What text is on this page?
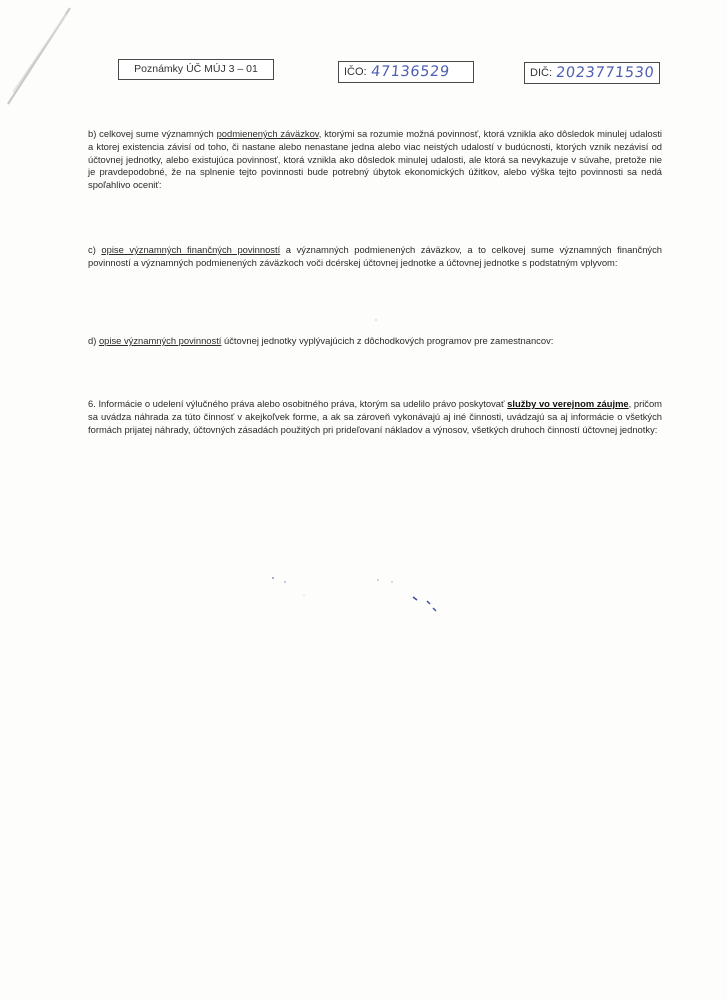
Poznámky ÚČ MÚJ 3 – 01	$^{IČO:}$ 47136529	$^{DIČ:}$ 2023771530
b) celkovej sume významných podmienených záväzkov, ktorými sa rozumie možná povinnosť, ktorá vznikla ako dôsledok minulej udalosti a ktorej existencia závisí od toho, či nastane alebo nenastane jedna alebo viac neistých udalostí v budúcnosti, ktorých vznik nezávisí od účtovnej jednotky, alebo existujúca povinnosť, ktorá vznikla ako dôsledok minulej udalosti, ale ktorá sa nevykazuje v súvahe, pretože nie je pravdepodobné, že na splnenie tejto povinnosti bude potrebný úbytok ekonomických úžitkov, alebo výška tejto povinnosti sa nedá spoľahlivo oceniť:
c) opise významných finančných povinností a významných podmienených záväzkov, a to celkovej sume významných finančných povinností a významných podmienených záväzkoch voči dcérskej účtovnej jednotke a účtovnej jednotke s podstatným vplyvom:
d) opise významných povinností účtovnej jednotky vyplývajúcich z dôchodkových programov pre zamestnancov:
6. Informácie o udelení výlučného práva alebo osobitného práva, ktorým sa udelilo právo poskytovať služby vo verejnom záujme, pričom sa uvádza náhrada za túto činnosť v akejkoľvek forme, a ak sa zároveň vykonávajú aj iné činnosti, uvádzajú sa aj informácie o všetkých formách prijatej náhrady, účtovných zásadách použitých pri prideľovaní nákladov a výnosov, všetkých druhoch činností účtovnej jednotky:
